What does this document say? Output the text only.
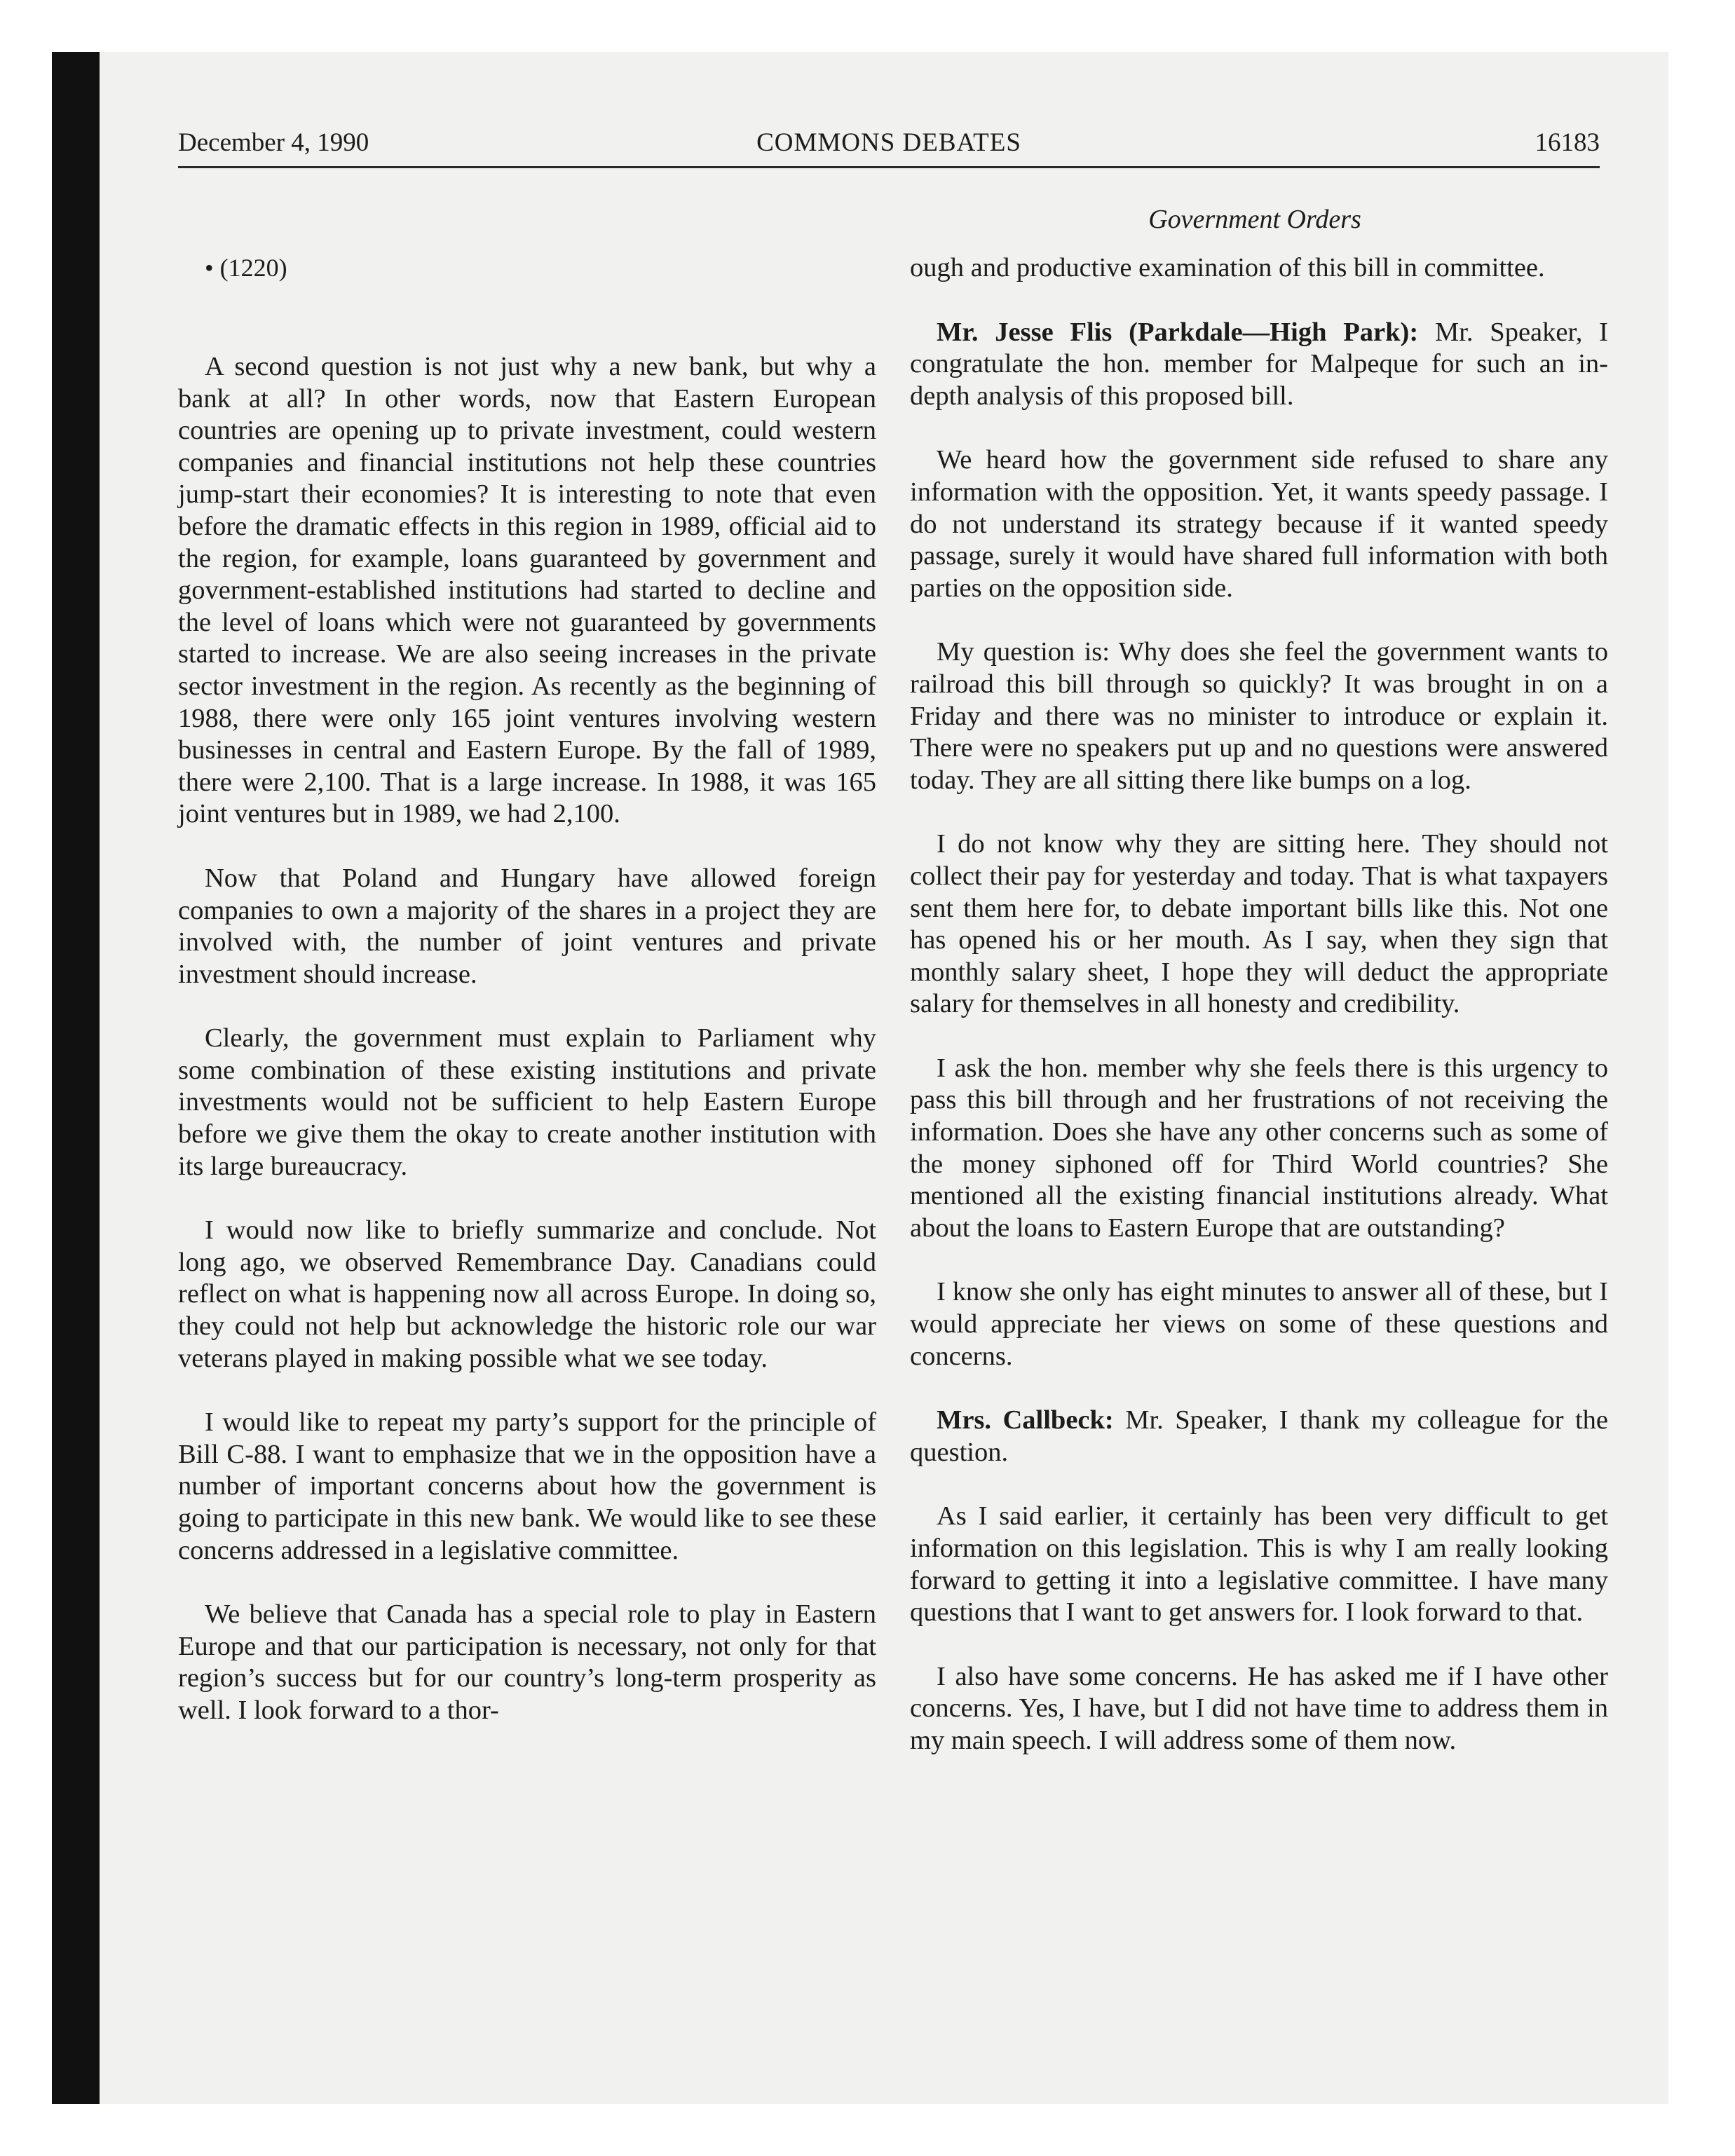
December 4, 1990	COMMONS DEBATES	16183
Government Orders

• (1220)

A second question is not just why a new bank, but why a bank at all? In other words, now that Eastern European countries are opening up to private investment, could western companies and financial institutions not help these countries jump-start their economies? It is interesting to note that even before the dramatic effects in this region in 1989, official aid to the region, for example, loans guaranteed by government and government-established institutions had started to decline and the level of loans which were not guaranteed by governments started to increase. We are also seeing increases in the private sector investment in the region. As recently as the beginning of 1988, there were only 165 joint ventures involving western businesses in central and Eastern Europe. By the fall of 1989, there were 2,100. That is a large increase. In 1988, it was 165 joint ventures but in 1989, we had 2,100.

Now that Poland and Hungary have allowed foreign companies to own a majority of the shares in a project they are involved with, the number of joint ventures and private investment should increase.

Clearly, the government must explain to Parliament why some combination of these existing institutions and private investments would not be sufficient to help Eastern Europe before we give them the okay to create another institution with its large bureaucracy.

I would now like to briefly summarize and conclude. Not long ago, we observed Remembrance Day. Canadians could reflect on what is happening now all across Europe. In doing so, they could not help but acknowledge the historic role our war veterans played in making possible what we see today.

I would like to repeat my party’s support for the principle of Bill C-88. I want to emphasize that we in the opposition have a number of important concerns about how the government is going to participate in this new bank. We would like to see these concerns addressed in a legislative committee.

We believe that Canada has a special role to play in Eastern Europe and that our participation is necessary, not only for that region’s success but for our country’s long-term prosperity as well. I look forward to a thor-

ough and productive examination of this bill in committee.

Mr. Jesse Flis (Parkdale—High Park): Mr. Speaker, I congratulate the hon. member for Malpeque for such an in-depth analysis of this proposed bill.

We heard how the government side refused to share any information with the opposition. Yet, it wants speedy passage. I do not understand its strategy because if it wanted speedy passage, surely it would have shared full information with both parties on the opposition side.

My question is: Why does she feel the government wants to railroad this bill through so quickly? It was brought in on a Friday and there was no minister to introduce or explain it. There were no speakers put up and no questions were answered today. They are all sitting there like bumps on a log.

I do not know why they are sitting here. They should not collect their pay for yesterday and today. That is what taxpayers sent them here for, to debate important bills like this. Not one has opened his or her mouth. As I say, when they sign that monthly salary sheet, I hope they will deduct the appropriate salary for themselves in all honesty and credibility.

I ask the hon. member why she feels there is this urgency to pass this bill through and her frustrations of not receiving the information. Does she have any other concerns such as some of the money siphoned off for Third World countries? She mentioned all the existing financial institutions already. What about the loans to Eastern Europe that are outstanding?

I know she only has eight minutes to answer all of these, but I would appreciate her views on some of these questions and concerns.

Mrs. Callbeck: Mr. Speaker, I thank my colleague for the question.

As I said earlier, it certainly has been very difficult to get information on this legislation. This is why I am really looking forward to getting it into a legislative committee. I have many questions that I want to get answers for. I look forward to that.

I also have some concerns. He has asked me if I have other concerns. Yes, I have, but I did not have time to address them in my main speech. I will address some of them now.
